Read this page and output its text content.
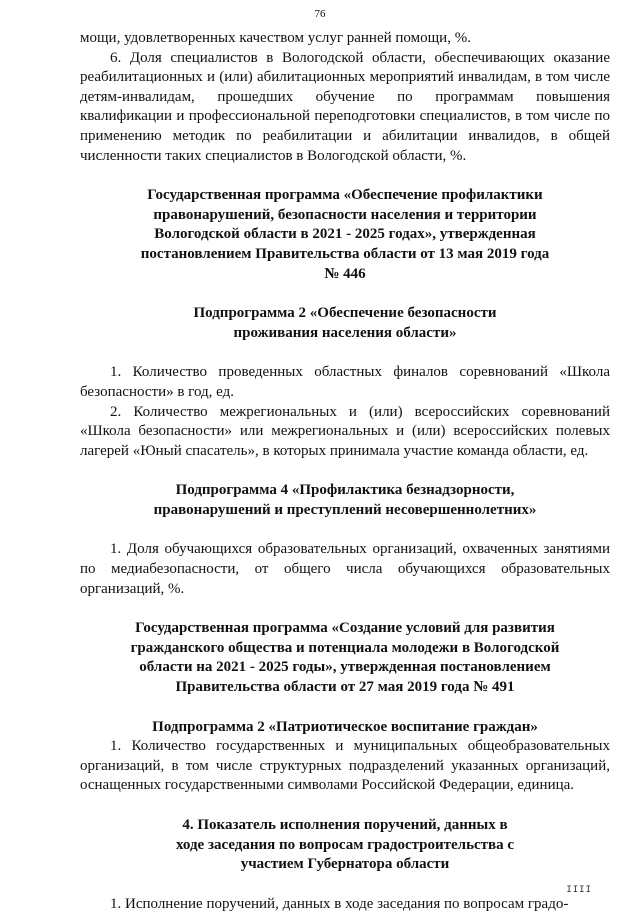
76

мощи, удовлетворенных качеством услуг ранней помощи, %.

6. Доля специалистов в Вологодской области, обеспечивающих оказание реабилитационных и (или) абилитационных мероприятий инвалидам, в том числе детям-инвалидам, прошедших обучение по программам повышения квалификации и профессиональной переподготовки специалистов, в том числе по применению методик по реабилитации и абилитации инвалидов, в общей численности таких специалистов в Вологодской области, %.

Государственная программа «Обеспечение профилактики правонарушений, безопасности населения и территории Вологодской области в 2021 - 2025 годах», утвержденная постановлением Правительства области от 13 мая 2019 года № 446

Подпрограмма 2 «Обеспечение безопасности проживания населения области»

1. Количество проведенных областных финалов соревнований «Школа безопасности» в год, ед.

2. Количество межрегиональных и (или) всероссийских соревнований «Школа безопасности» или межрегиональных и (или) всероссийских полевых лагерей «Юный спасатель», в которых принимала участие команда области, ед.

Подпрограмма 4 «Профилактика безнадзорности, правонарушений и преступлений несовершеннолетних»

1. Доля обучающихся образовательных организаций, охваченных занятиями по медиабезопасности, от общего числа обучающихся образовательных организаций, %.

Государственная программа «Создание условий для развития гражданского общества и потенциала молодежи в Вологодской области на 2021 - 2025 годы», утвержденная постановлением Правительства области от 27 мая 2019 года № 491

Подпрограмма 2 «Патриотическое воспитание граждан»

1. Количество государственных и муниципальных общеобразовательных организаций, в том числе структурных подразделений указанных организаций, оснащенных государственными символами Российской Федерации, единица.

4. Показатель исполнения поручений, данных в ходе заседания по вопросам градостроительства с участием Губернатора области

1. Исполнение поручений, данных в ходе заседания по вопросам градо-

IIII
